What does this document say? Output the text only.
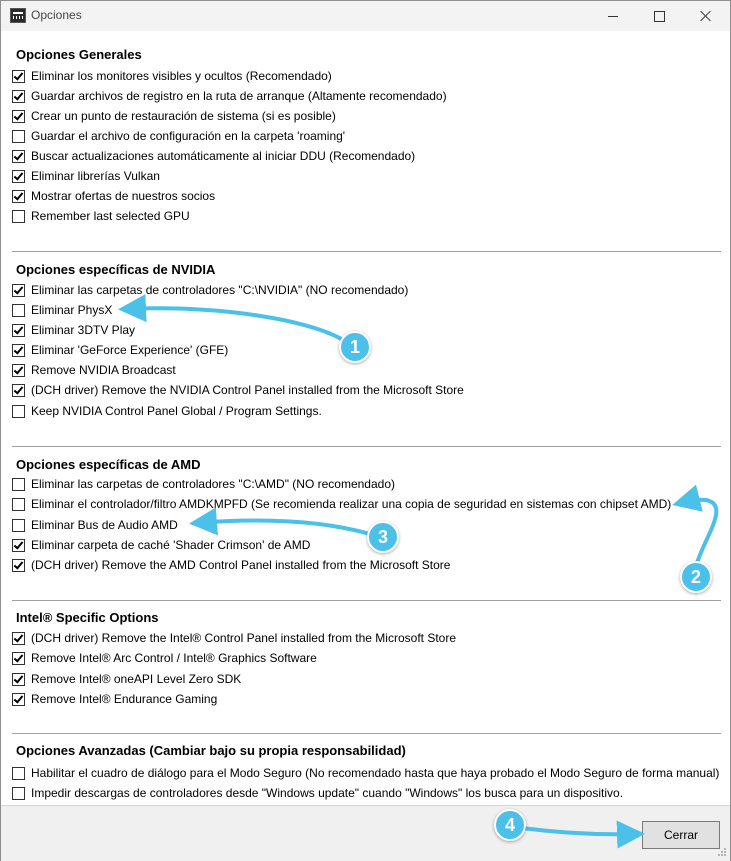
Opciones
Opciones Generales
Eliminar los monitores visibles y ocultos (Recomendado)
Guardar archivos de registro en la ruta de arranque (Altamente recomendado)
Crear un punto de restauración de sistema (si es posible)
Guardar el archivo de configuración en la carpeta 'roaming'
Buscar actualizaciones automáticamente al iniciar DDU (Recomendado)
Eliminar librerías Vulkan
Mostrar ofertas de nuestros socios
Remember last selected GPU
Opciones específicas de NVIDIA
Eliminar las carpetas de controladores "C:\NVIDIA" (NO recomendado)
Eliminar PhysX
Eliminar 3DTV Play
Eliminar 'GeForce Experience' (GFE)
Remove NVIDIA Broadcast
(DCH driver) Remove the NVIDIA Control Panel installed from the Microsoft Store
Keep NVIDIA Control Panel Global / Program Settings.
Opciones específicas de AMD
Eliminar las carpetas de controladores "C:\AMD" (NO recomendado)
Eliminar el controlador/filtro AMDKMPFD (Se recomienda realizar una copia de seguridad en sistemas con chipset AMD)
Eliminar Bus de Audio AMD
Eliminar carpeta de caché 'Shader Crimson' de AMD
(DCH driver) Remove the AMD Control Panel installed from the Microsoft Store
Intel® Specific Options
(DCH driver) Remove the Intel® Control Panel installed from the Microsoft Store
Remove Intel® Arc Control / Intel® Graphics Software
Remove Intel® oneAPI Level Zero SDK
Remove Intel® Endurance Gaming
Opciones Avanzadas (Cambiar bajo su propia responsabilidad)
Habilitar el cuadro de diálogo para el Modo Seguro (No recomendado hasta que haya probado el Modo Seguro de forma manual)
Impedir descargas de controladores desde "Windows update" cuando "Windows" los busca para un dispositivo.
Cerrar
1
2
3
4
